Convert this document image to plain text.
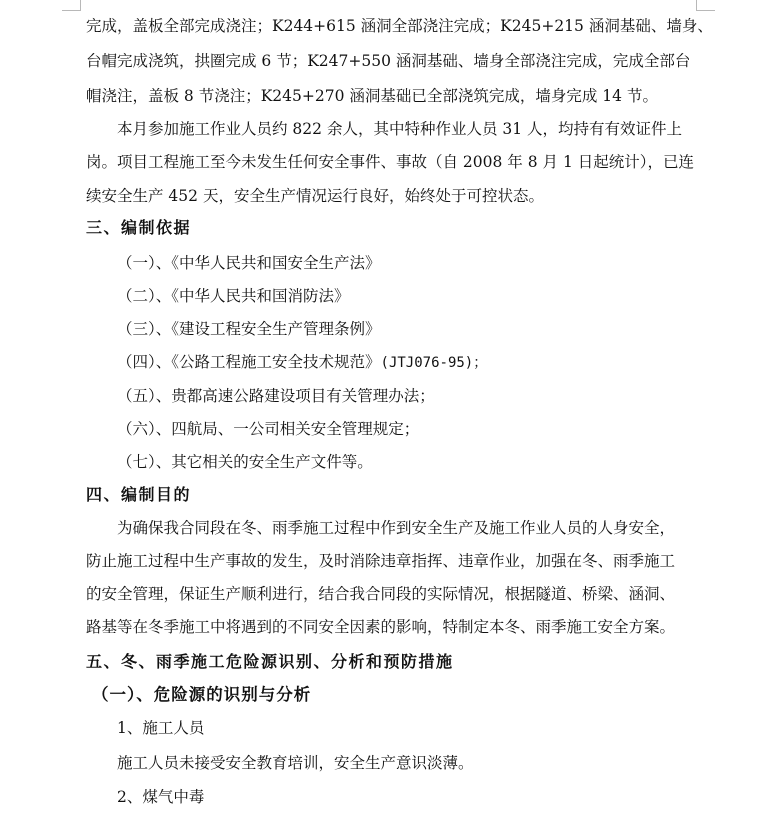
完成，盖板全部完成浇注；K244+615 涵洞全部浇注完成；K245+215 涵洞基础、墙身、
台帽完成浇筑，拱圈完成 6 节；K247+550 涵洞基础、墙身全部浇注完成，完成全部台
帽浇注，盖板 8 节浇注；K245+270 涵洞基础已全部浇筑完成，墙身完成 14 节。
本月参加施工作业人员约 822 余人，其中特种作业人员 31 人，均持有有效证件上
岗。项目工程施工至今未发生任何安全事件、事故（自 2008 年 8 月 1 日起统计），已连
续安全生产 452 天，安全生产情况运行良好，始终处于可控状态。
三、编制依据
（一）、《中华人民共和国安全生产法》
（二）、《中华人民共和国消防法》
（三）、《建设工程安全生产管理条例》
（四）、《公路工程施工安全技术规范》(JTJ076-95)；
（五）、贵都高速公路建设项目有关管理办法；
（六）、四航局、一公司相关安全管理规定；
（七）、其它相关的安全生产文件等。
四、编制目的
为确保我合同段在冬、雨季施工过程中作到安全生产及施工作业人员的人身安全，
防止施工过程中生产事故的发生，及时消除违章指挥、违章作业，加强在冬、雨季施工
的安全管理，保证生产顺利进行，结合我合同段的实际情况，根据隧道、桥梁、涵洞、
路基等在冬季施工中将遇到的不同安全因素的影响，特制定本冬、雨季施工安全方案。
五、冬、雨季施工危险源识别、分析和预防措施
（一）、危险源的识别与分析
1、施工人员
施工人员未接受安全教育培训，安全生产意识淡薄。
2、煤气中毒
